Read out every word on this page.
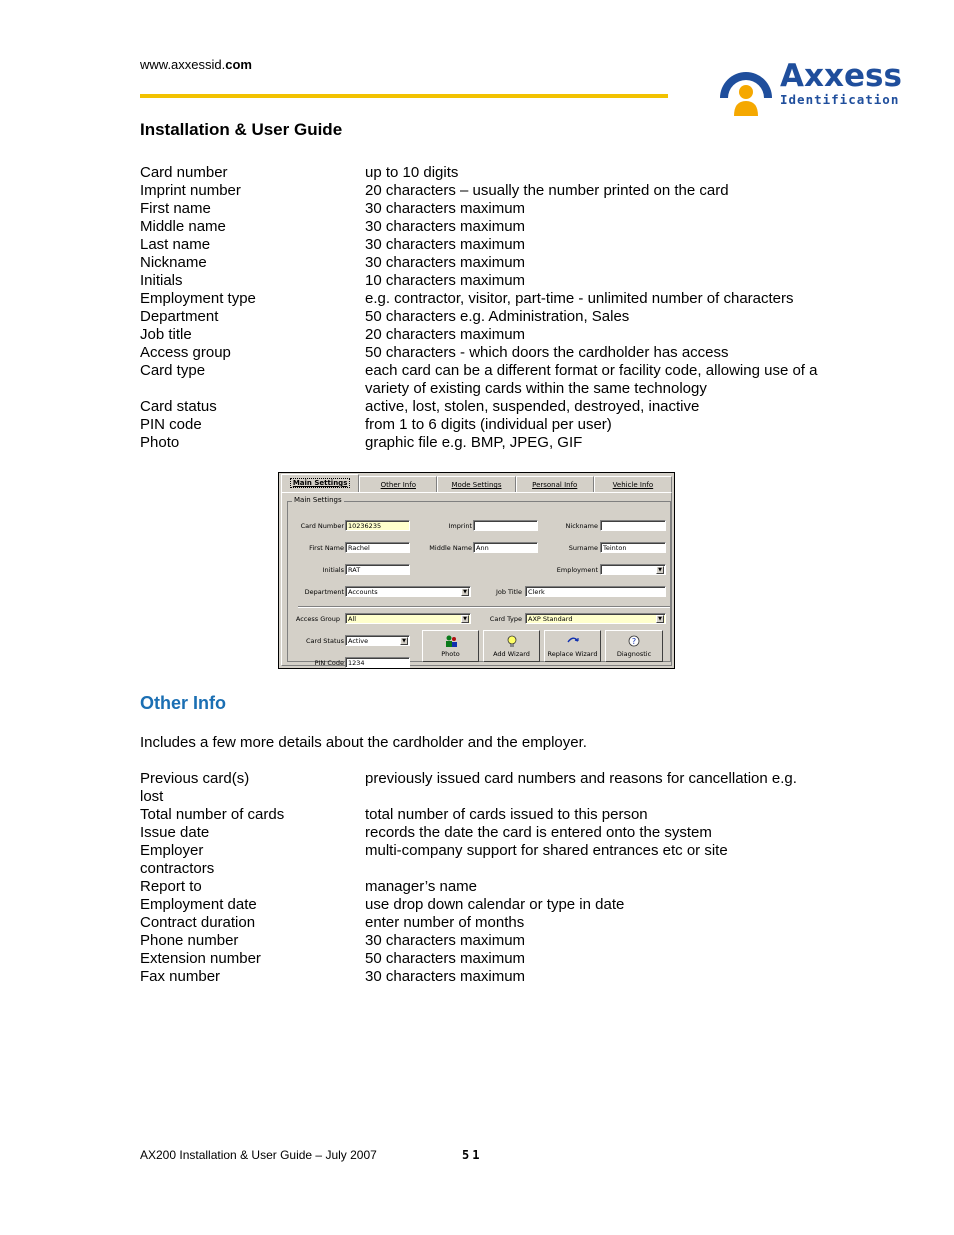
www.axxessid.com	Axxess
Identification
Installation & User Guide
Card number	up to 10 digits
Imprint number	20 characters – usually the number printed on the card
First name	30 characters maximum
Middle name	30 characters maximum
Last name	30 characters maximum
Nickname	30 characters maximum
Initials	10 characters maximum
Employment type	e.g. contractor, visitor, part-time - unlimited number of characters
Department	50 characters e.g. Administration, Sales
Job title	20 characters maximum
Access group	50 characters - which doors the cardholder has access
Card type	each card can be a different format or facility code, allowing use of a variety of existing cards within the same technology
Card status	active, lost, stolen, suspended, destroyed, inactive
PIN code	from 1 to 6 digits (individual per user)
Photo	graphic file e.g. BMP, JPEG, GIF
Main Settings	Other Info	Mode Settings	Personal Info	Vehicle Info
Main Settings
Card Number 10236235	Imprint	Nickname
First Name Rachel	Middle Name Ann	Surname Teinton
Initials RAT	Employment	▼
Department Accounts	▼	Job Title Clerk
Access Group	All	▼	Card Type AXP Standard	▼
Card Status Active	▼
PIN Code 1234
Photo	Add Wizard	Replace Wizard
?
Diagnostic
Other Info
Includes a few more details about the cardholder and the employer.
Previous card(s)	previously issued card numbers and reasons for cancellation e.g.
lost
Total number of cards	total number of cards issued to this person
Issue date	records the date the card is entered onto the system
Employer	multi-company support for shared entrances etc or site
contractors
Report to	manager’s name
Employment date	use drop down calendar or type in date
Contract duration	enter number of months
Phone number	30 characters maximum
Extension number	50 characters maximum
Fax number	30 characters maximum
AX200 Installation & User Guide – July 2007	51
